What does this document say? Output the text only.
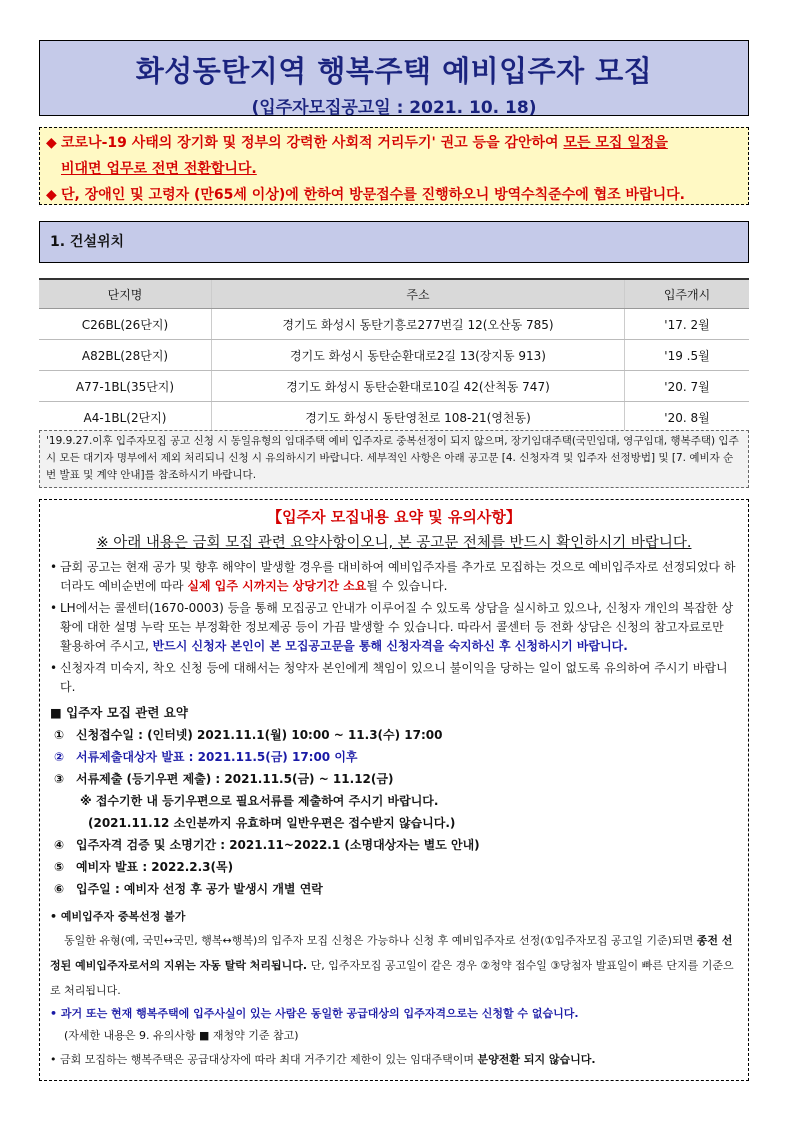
화성동탄지역 행복주택 예비입주자 모집
(입주자모집공고일 : 2021. 10. 18)
◆ 코로나-19 사태의 장기화 및 정부의 강력한 사회적 거리두기' 권고 등을 감안하여 모든 모집 일정을
비대면 업무로 전면 전환합니다.
◆ 단, 장애인 및 고령자 (만65세 이상)에 한하여 방문접수를 진행하오니 방역수칙준수에 협조 바랍니다.
1. 건설위치
단지명	주소	입주개시
C26BL(26단지)	경기도 화성시 동탄기흥로277번길 12(오산동 785)	'17. 2월
A82BL(28단지)	경기도 화성시 동탄순환대로2길 13(장지동 913)	'19 .5월
A77-1BL(35단지)	경기도 화성시 동탄순환대로10길 42(산척동 747)	'20. 7월
A4-1BL(2단지)	경기도 화성시 동탄영천로 108-21(영천동)	'20. 8월
'19.9.27.이후 입주자모집 공고 신청 시 동일유형의 임대주택 예비 입주자로 중복선정이 되지 않으며, 장기임대주택(국민임대, 영구임대, 행복주택) 입주 시 모든 대기자 명부에서 제외 처리되니 신청 시 유의하시기 바랍니다. 세부적인 사항은 아래 공고문 [4. 신청자격 및 입주자 선정방법] 및 [7. 예비자 순번 발표 및 계약 안내]를 참조하시기 바랍니다.
【입주자 모집내용 요약 및 유의사항】
※ 아래 내용은 금회 모집 관련 요약사항이오니, 본 공고문 전체를 반드시 확인하시기 바랍니다.
• 금회 공고는 현재 공가 및 향후 해약이 발생할 경우를 대비하여 예비입주자를 추가로 모집하는 것으로 예비입주자로 선정되었다 하더라도 예비순번에 따라 실제 입주 시까지는 상당기간 소요될 수 있습니다.
• LH에서는 콜센터(1670-0003) 등을 통해 모집공고 안내가 이루어질 수 있도록 상담을 실시하고 있으나, 신청자 개인의 복잡한 상황에 대한 설명 누락 또는 부정확한 정보제공 등이 가끔 발생할 수 있습니다. 따라서 콜센터 등 전화 상담은 신청의 참고자료로만 활용하여 주시고, 반드시 신청자 본인이 본 모집공고문을 통해 신청자격을 숙지하신 후 신청하시기 바랍니다.
• 신청자격 미숙지, 착오 신청 등에 대해서는 청약자 본인에게 책임이 있으니 불이익을 당하는 일이 없도록 유의하여 주시기 바랍니다.
■ 입주자 모집 관련 요약
① 신청접수일 : (인터넷) 2021.11.1(월) 10:00 ~ 11.3(수) 17:00
② 서류제출대상자 발표 : 2021.11.5(금) 17:00 이후
③ 서류제출 (등기우편 제출) : 2021.11.5(금) ~ 11.12(금)
※ 접수기한 내 등기우편으로 필요서류를 제출하여 주시기 바랍니다.
(2021.11.12 소인분까지 유효하며 일반우편은 접수받지 않습니다.)
④ 입주자격 검증 및 소명기간 : 2021.11~2022.1 (소명대상자는 별도 안내)
⑤ 예비자 발표 : 2022.2.3(목)
⑥ 입주일 : 예비자 선정 후 공가 발생시 개별 연락
• 예비입주자 중복선정 불가
동일한 유형(예, 국민↔국민, 행복↔행복)의 입주자 모집 신청은 가능하나 신청 후 예비입주자로 선정(①입주자모집 공고일 기준)되면 종전 선정된 예비입주자로서의 지위는 자동 탈락 처리됩니다. 단, 입주자모집 공고일이 같은 경우 ②청약 접수일 ③당첨자 발표일이 빠른 단지를 기준으로 처리됩니다.
• 과거 또는 현재 행복주택에 입주사실이 있는 사람은 동일한 공급대상의 입주자격으로는 신청할 수 없습니다.
(자세한 내용은 9. 유의사항 ■ 재청약 기준 참고)
• 금회 모집하는 행복주택은 공급대상자에 따라 최대 거주기간 제한이 있는 임대주택이며 분양전환 되지 않습니다.
